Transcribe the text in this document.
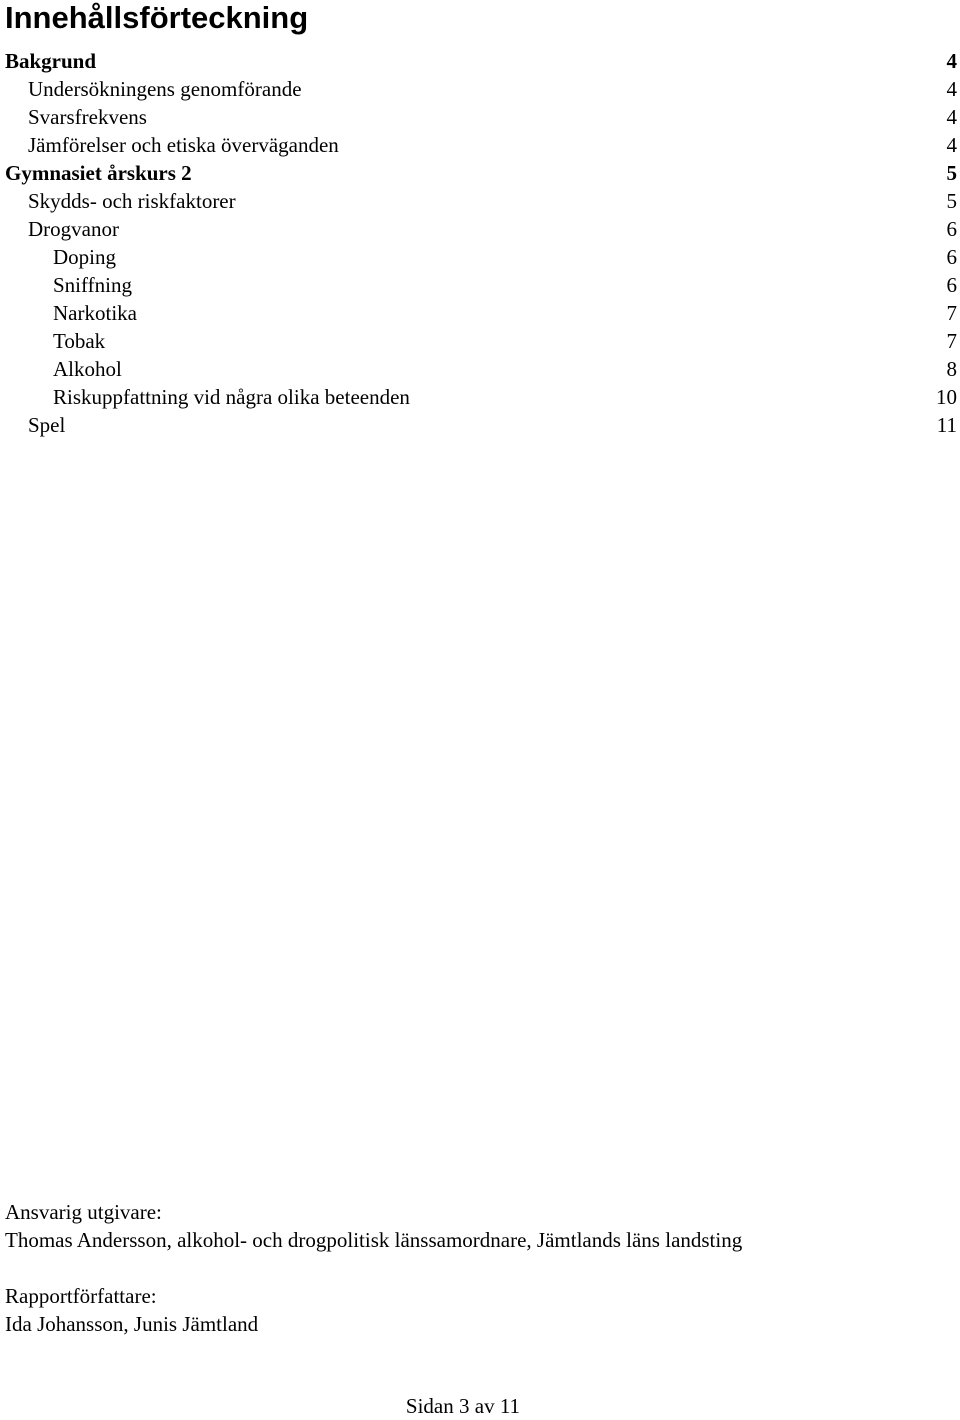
Innehållsförteckning
Bakgrund	4
Undersökningens genomförande	4
Svarsfrekvens	4
Jämförelser och etiska överväganden	4
Gymnasiet årskurs 2	5
Skydds- och riskfaktorer	5
Drogvanor	6
Doping	6
Sniffning	6
Narkotika	7
Tobak	7
Alkohol	8
Riskuppfattning vid några olika beteenden	10
Spel	11
Ansvarig utgivare:
Thomas Andersson, alkohol- och drogpolitisk länssamordnare, Jämtlands läns landsting
Rapportförfattare:
Ida Johansson, Junis Jämtland
Sidan 3 av 11
